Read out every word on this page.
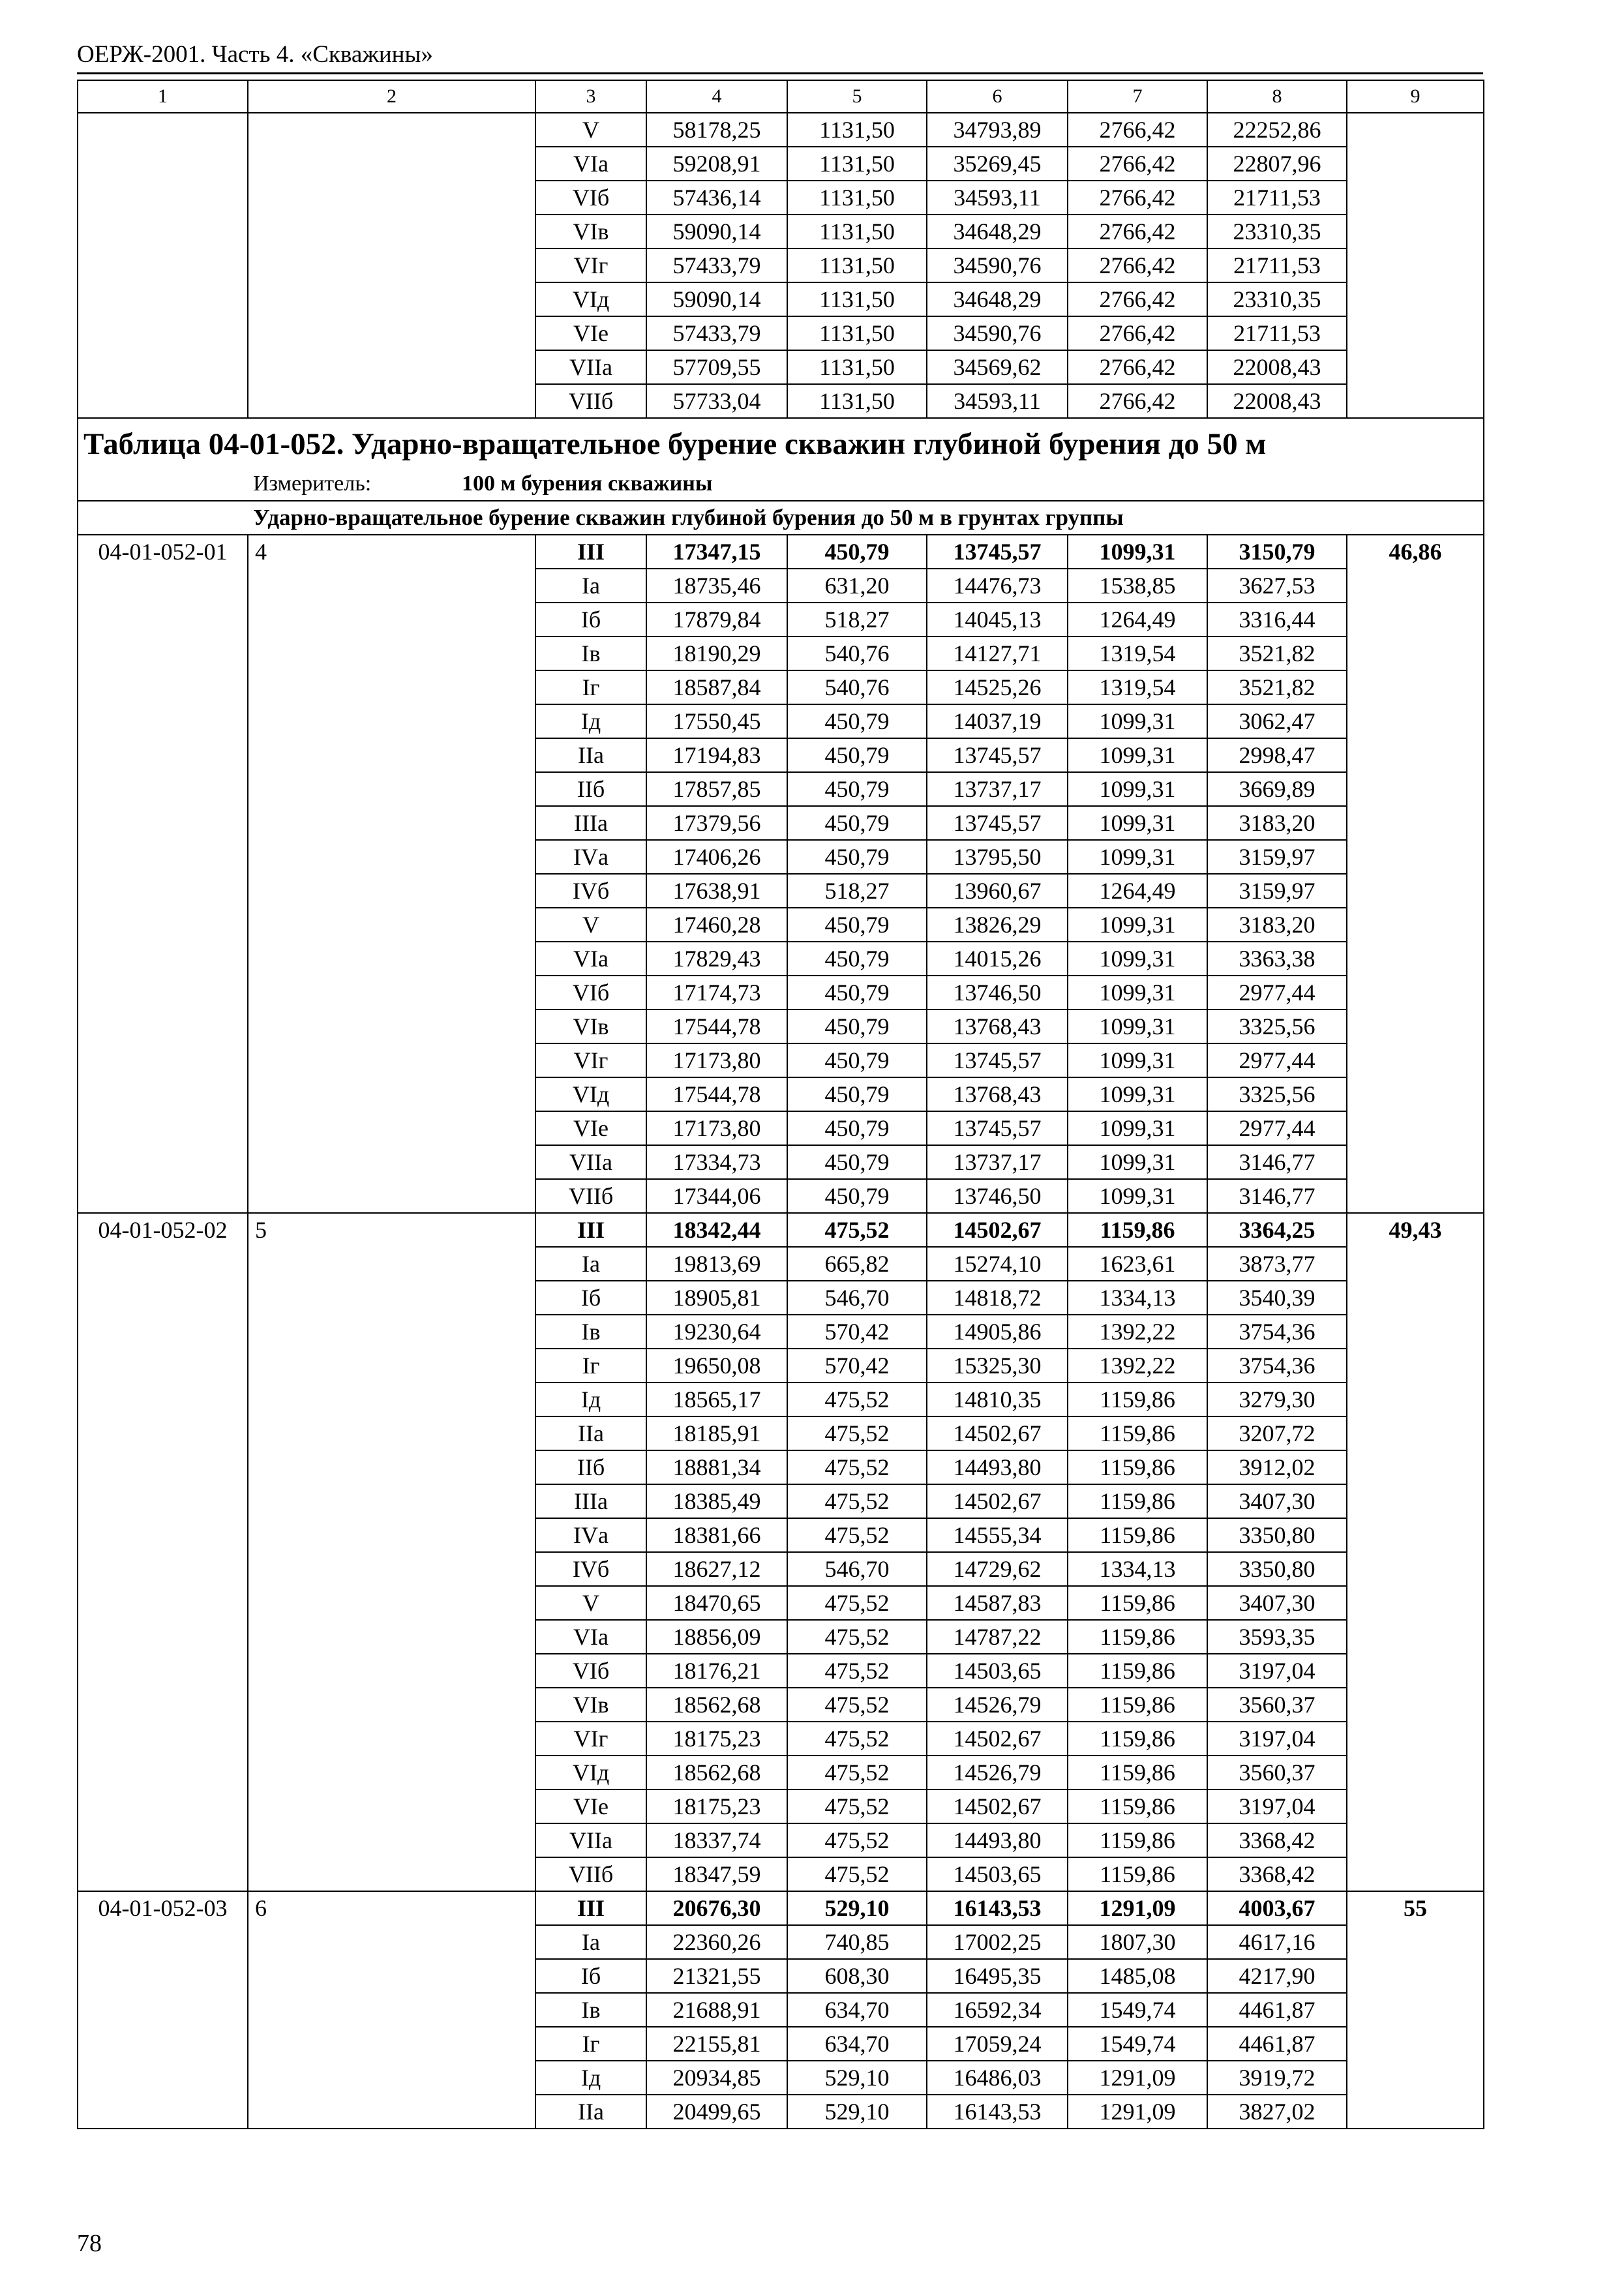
ОЕРЖ-2001. Часть 4. «Скважины»
1	2	3	4	5	6	7	8	9
		V	58178,25	1131,50	34793,89	2766,42	22252,86	
		VIа	59208,91	1131,50	35269,45	2766,42	22807,96	
		VIб	57436,14	1131,50	34593,11	2766,42	21711,53	
		VIв	59090,14	1131,50	34648,29	2766,42	23310,35	
		VIг	57433,79	1131,50	34590,76	2766,42	21711,53	
		VIд	59090,14	1131,50	34648,29	2766,42	23310,35	
		VIе	57433,79	1131,50	34590,76	2766,42	21711,53	
		VIIа	57709,55	1131,50	34569,62	2766,42	22008,43	
		VIIб	57733,04	1131,50	34593,11	2766,42	22008,43	

Таблица 04-01-052. Ударно-вращательное бурение скважин глубиной бурения до 50 м
Измеритель: 100 м бурения скважины								

Ударно-вращательное бурение скважин глубиной бурения до 50 м в грунтах группы								
04-01-052-01	4	III	17347,15	450,79	13745,57	1099,31	3150,79	46,86
		Iа	18735,46	631,20	14476,73	1538,85	3627,53	
		Iб	17879,84	518,27	14045,13	1264,49	3316,44	
		Iв	18190,29	540,76	14127,71	1319,54	3521,82	
		Iг	18587,84	540,76	14525,26	1319,54	3521,82	
		Iд	17550,45	450,79	14037,19	1099,31	3062,47	
		IIа	17194,83	450,79	13745,57	1099,31	2998,47	
		IIб	17857,85	450,79	13737,17	1099,31	3669,89	
		IIIа	17379,56	450,79	13745,57	1099,31	3183,20	
		IVа	17406,26	450,79	13795,50	1099,31	3159,97	
		IVб	17638,91	518,27	13960,67	1264,49	3159,97	
		V	17460,28	450,79	13826,29	1099,31	3183,20	
		VIа	17829,43	450,79	14015,26	1099,31	3363,38	
		VIб	17174,73	450,79	13746,50	1099,31	2977,44	
		VIв	17544,78	450,79	13768,43	1099,31	3325,56	
		VIг	17173,80	450,79	13745,57	1099,31	2977,44	
		VIд	17544,78	450,79	13768,43	1099,31	3325,56	
		VIе	17173,80	450,79	13745,57	1099,31	2977,44	
		VIIа	17334,73	450,79	13737,17	1099,31	3146,77	
		VIIб	17344,06	450,79	13746,50	1099,31	3146,77	
04-01-052-02	5	III	18342,44	475,52	14502,67	1159,86	3364,25	49,43
		Iа	19813,69	665,82	15274,10	1623,61	3873,77	
		Iб	18905,81	546,70	14818,72	1334,13	3540,39	
		Iв	19230,64	570,42	14905,86	1392,22	3754,36	
		Iг	19650,08	570,42	15325,30	1392,22	3754,36	
		Iд	18565,17	475,52	14810,35	1159,86	3279,30	
		IIа	18185,91	475,52	14502,67	1159,86	3207,72	
		IIб	18881,34	475,52	14493,80	1159,86	3912,02	
		IIIа	18385,49	475,52	14502,67	1159,86	3407,30	
		IVа	18381,66	475,52	14555,34	1159,86	3350,80	
		IVб	18627,12	546,70	14729,62	1334,13	3350,80	
		V	18470,65	475,52	14587,83	1159,86	3407,30	
		VIа	18856,09	475,52	14787,22	1159,86	3593,35	
		VIб	18176,21	475,52	14503,65	1159,86	3197,04	
		VIв	18562,68	475,52	14526,79	1159,86	3560,37	
		VIг	18175,23	475,52	14502,67	1159,86	3197,04	
		VIд	18562,68	475,52	14526,79	1159,86	3560,37	
		VIе	18175,23	475,52	14502,67	1159,86	3197,04	
		VIIа	18337,74	475,52	14493,80	1159,86	3368,42	
		VIIб	18347,59	475,52	14503,65	1159,86	3368,42	
04-01-052-03	6	III	20676,30	529,10	16143,53	1291,09	4003,67	55
		Iа	22360,26	740,85	17002,25	1807,30	4617,16	
		Iб	21321,55	608,30	16495,35	1485,08	4217,90	
		Iв	21688,91	634,70	16592,34	1549,74	4461,87	
		Iг	22155,81	634,70	17059,24	1549,74	4461,87	
		Iд	20934,85	529,10	16486,03	1291,09	3919,72	
		IIа	20499,65	529,10	16143,53	1291,09	3827,02	
78
